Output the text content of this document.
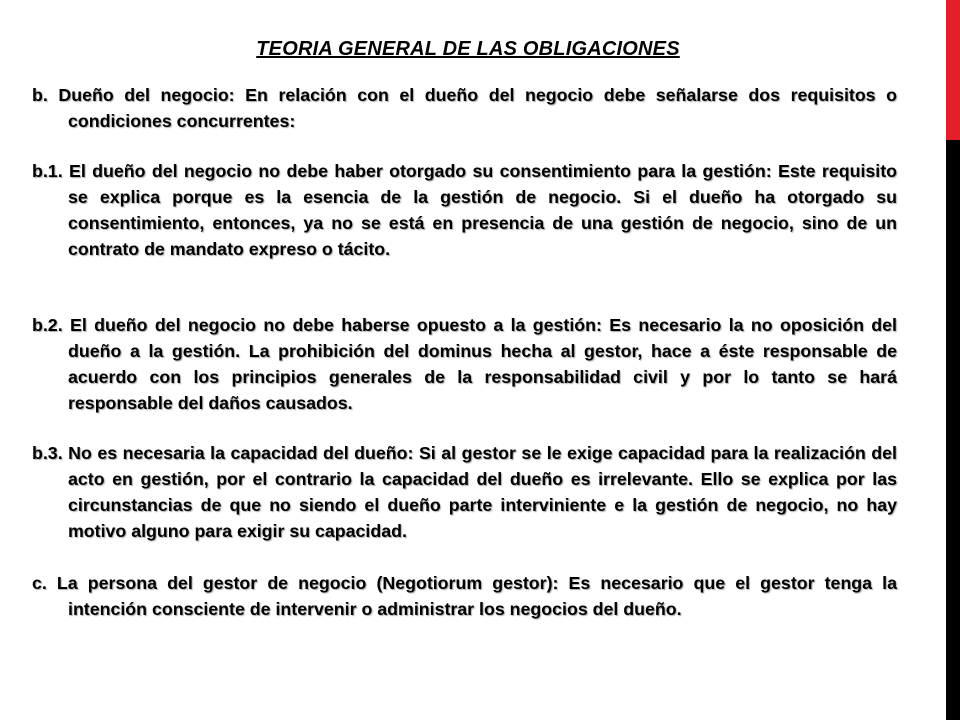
TEORIA GENERAL DE LAS OBLIGACIONES

b. Dueño del negocio: En relación con el dueño del negocio debe señalarse dos requisitos o condiciones concurrentes:

b.1. El dueño del negocio no debe haber otorgado su consentimiento para la gestión: Este requisito se explica porque es la esencia de la gestión de negocio. Si el dueño ha otorgado su consentimiento, entonces, ya no se está en presencia de una gestión de negocio, sino de un contrato de mandato expreso o tácito.

b.2. El dueño del negocio no debe haberse opuesto a la gestión: Es necesario la no oposición del dueño a la gestión. La prohibición del dominus hecha al gestor, hace a éste responsable de acuerdo con los principios generales de la responsabilidad civil y por lo tanto se hará responsable del daños causados.

b.3. No es necesaria la capacidad del dueño: Si al gestor se le exige capacidad para la realización del acto en gestión, por el contrario la capacidad del dueño es irrelevante. Ello se explica por las circunstancias de que no siendo el dueño parte interviniente e la gestión de negocio, no hay motivo alguno para exigir su capacidad.

c. La persona del gestor de negocio (Negotiorum gestor): Es necesario que el gestor tenga la intención consciente de intervenir o administrar los negocios del dueño.
